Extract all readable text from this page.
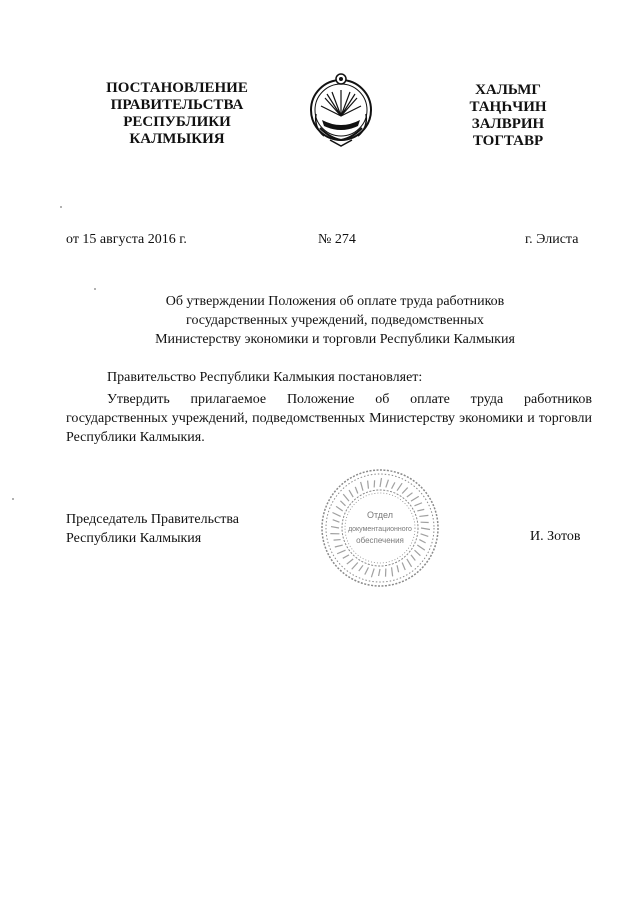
ПОСТАНОВЛЕНИЕ
ПРАВИТЕЛЬСТВА
РЕСПУБЛИКИ
КАЛМЫКИЯ
ХАЛЬМГ
ТАҢҺЧИН
ЗАЛВРИН
ТОГТАВР
от 15 августа 2016 г.	№ 274	г. Элиста
Об утверждении Положения об оплате труда работников
государственных учреждений, подведомственных
Министерству экономики и торговли Республики Калмыкия
Правительство Республики Калмыкия постановляет:

Утвердить прилагаемое Положение об оплате труда работников государственных учреждений, подведомственных Министерству экономики и торговли Республики Калмыкия.

Председатель Правительства
Республики Калмыкия	И. Зотов
Отдел
документационного
обеспечения
